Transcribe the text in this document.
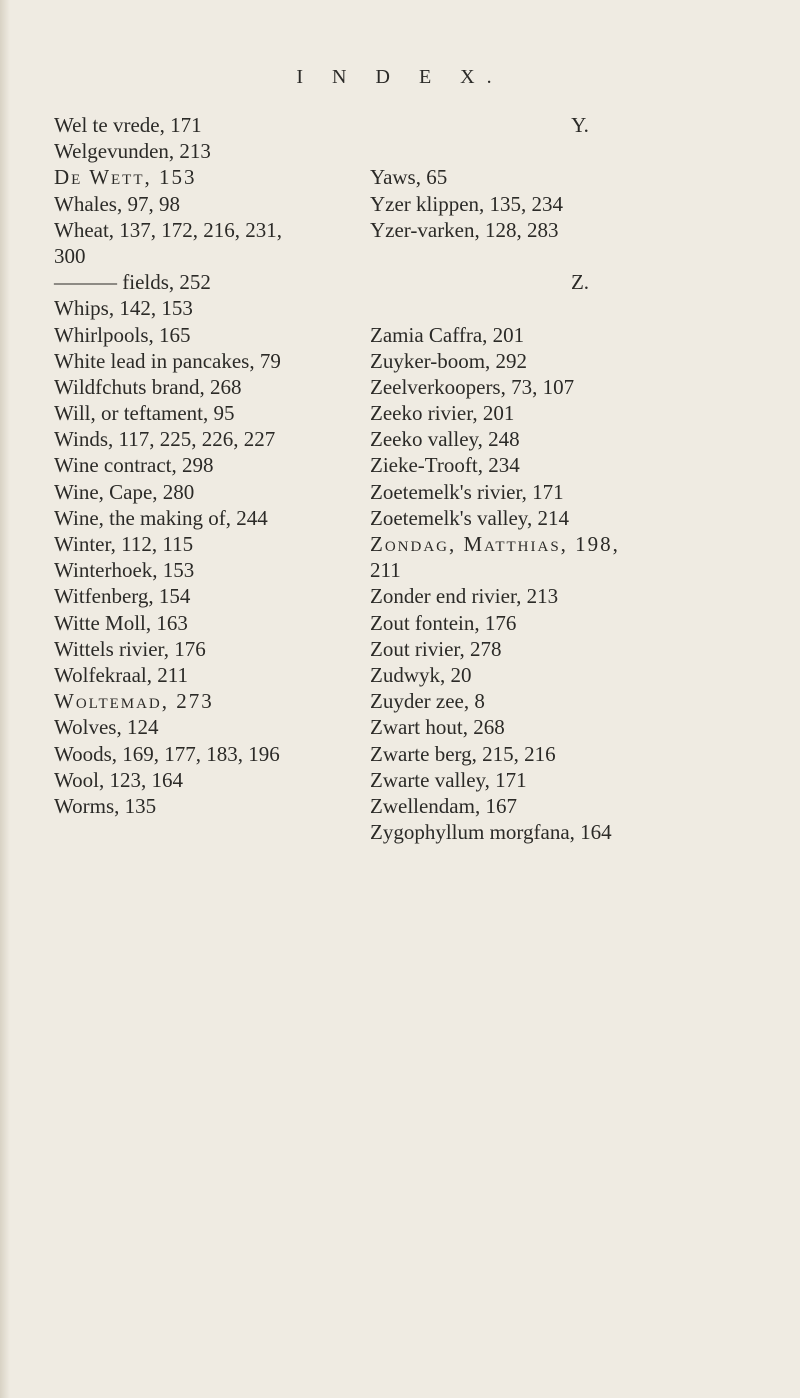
I N D E X.
Wel te vrede, 171
Welgevunden, 213
De Wett, 153
Whales, 97, 98
Wheat, 137, 172, 216, 231,
300
——— fields, 252
Whips, 142, 153
Whirlpools, 165
White lead in pancakes, 79
Wildfchuts brand, 268
Will, or teftament, 95
Winds, 117, 225, 226, 227
Wine contract, 298
Wine, Cape, 280
Wine, the making of, 244
Winter, 112, 115
Winterhoek, 153
Witfenberg, 154
Witte Moll, 163
Wittels rivier, 176
Wolfekraal, 211
Woltemad, 273
Wolves, 124
Woods, 169, 177, 183, 196
Wool, 123, 164
Worms, 135
Y.
Yaws, 65
Yzer klippen, 135, 234
Yzer-varken, 128, 283
Z.
Zamia Caffra, 201
Zuyker-boom, 292
Zeelverkoopers, 73, 107
Zeeko rivier, 201
Zeeko valley, 248
Zieke-Trooft, 234
Zoetemelk's rivier, 171
Zoetemelk's valley, 214
Zondag, Matthias, 198,
211
Zonder end rivier, 213
Zout fontein, 176
Zout rivier, 278
Zudwyk, 20
Zuyder zee, 8
Zwart hout, 268
Zwarte berg, 215, 216
Zwarte valley, 171
Zwellendam, 167
Zygophyllum morgfana, 164
